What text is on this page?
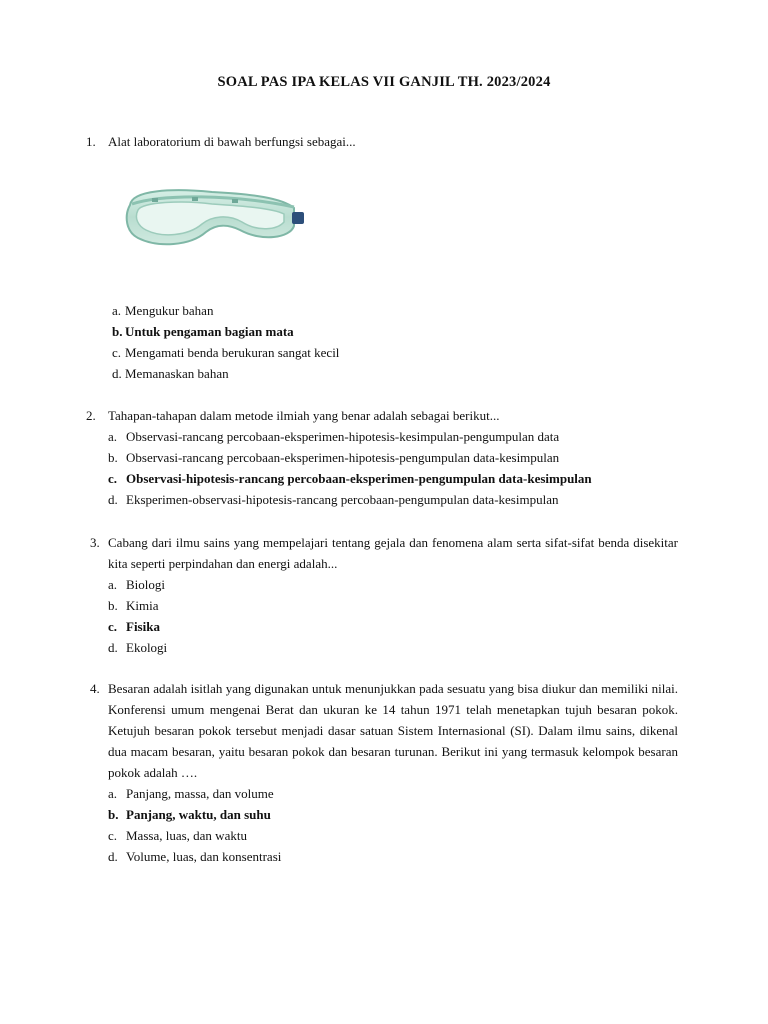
SOAL PAS IPA KELAS VII GANJIL TH. 2023/2024
1. Alat laboratorium di bawah berfungsi sebagai...
a. Mengukur bahan
b. Untuk pengaman bagian mata
c. Mengamati benda berukuran sangat kecil
d. Memanaskan bahan
2. Tahapan-tahapan dalam metode ilmiah yang benar adalah sebagai berikut...
a. Observasi-rancang percobaan-eksperimen-hipotesis-kesimpulan-pengumpulan data
b. Observasi-rancang percobaan-eksperimen-hipotesis-pengumpulan data-kesimpulan
c. Observasi-hipotesis-rancang percobaan-eksperimen-pengumpulan data-kesimpulan
d. Eksperimen-observasi-hipotesis-rancang percobaan-pengumpulan data-kesimpulan
3. Cabang dari ilmu sains yang mempelajari tentang gejala dan fenomena alam serta sifat-sifat benda disekitar kita seperti perpindahan dan energi adalah...
a. Biologi
b. Kimia
c. Fisika
d. Ekologi
4. Besaran adalah isitlah yang digunakan untuk menunjukkan pada sesuatu yang bisa diukur dan memiliki nilai. Konferensi umum mengenai Berat dan ukuran ke 14 tahun 1971 telah menetapkan tujuh besaran pokok. Ketujuh besaran pokok tersebut menjadi dasar satuan Sistem Internasional (SI). Dalam ilmu sains, dikenal dua macam besaran, yaitu besaran pokok dan besaran turunan. Berikut ini yang termasuk kelompok besaran pokok adalah ….
a. Panjang, massa, dan volume
b. Panjang, waktu, dan suhu
c. Massa, luas, dan waktu
d. Volume, luas, dan konsentrasi
